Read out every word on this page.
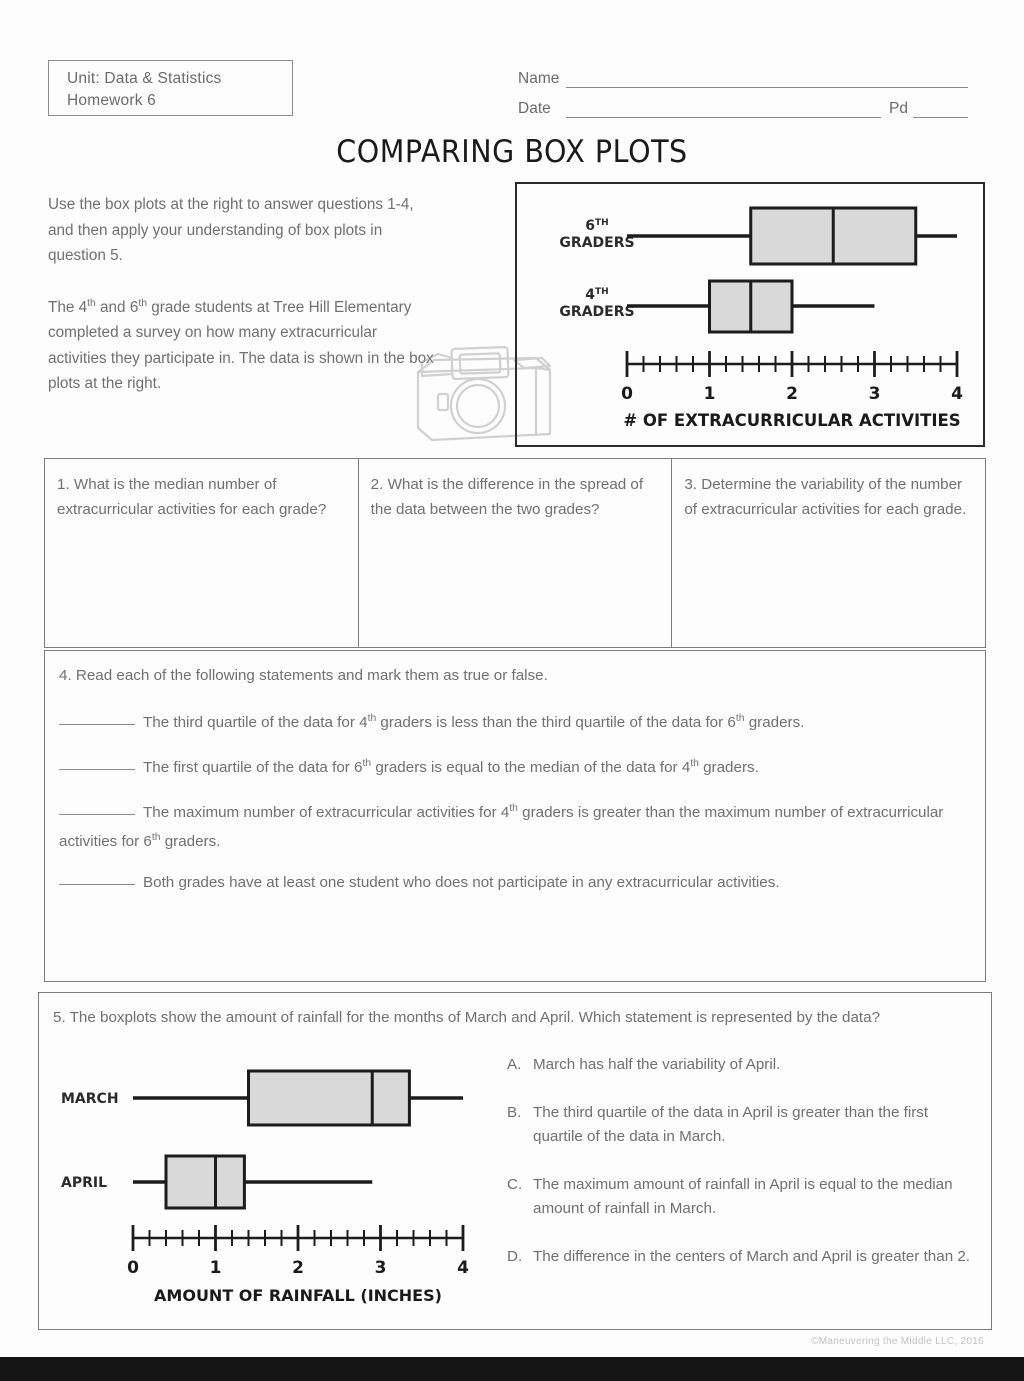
Unit: Data & Statistics
Homework 6
Name
Date	Pd
COMPARING BOX PLOTS

Use the box plots at the right to answer questions 1-4, and then apply your understanding of box plots in question 5.

The 4th and 6th grade students at Tree Hill Elementary completed a survey on how many extracurricular activities they participate in. The data is shown in the box plots at the right.

6TH
GRADERS
4TH
GRADERS
0	1	2	3	4
# OF EXTRACURRICULAR ACTIVITIES
1. What is the median number of extracurricular activities for each grade?
2. What is the difference in the spread of the data between the two grades?
3. Determine the variability of the number of extracurricular activities for each grade.
4. Read each of the following statements and mark them as true or false.
The third quartile of the data for 4th graders is less than the third quartile of the data for 6th graders.
The first quartile of the data for 6th graders is equal to the median of the data for 4th graders.
The maximum number of extracurricular activities for 4th graders is greater than the maximum number of extracurricular activities for 6th graders.
Both grades have at least one student who does not participate in any extracurricular activities.
5. The boxplots show the amount of rainfall for the months of March and April. Which statement is represented by the data?
MARCH
APRIL
0	1	2	3	4
AMOUNT OF RAINFALL (INCHES)
A. March has half the variability of April.
B. The third quartile of the data in April is greater than the first quartile of the data in March.
C. The maximum amount of rainfall in April is equal to the median amount of rainfall in March.
D. The difference in the centers of March and April is greater than 2.
©Maneuvering the Middle LLC, 2016
